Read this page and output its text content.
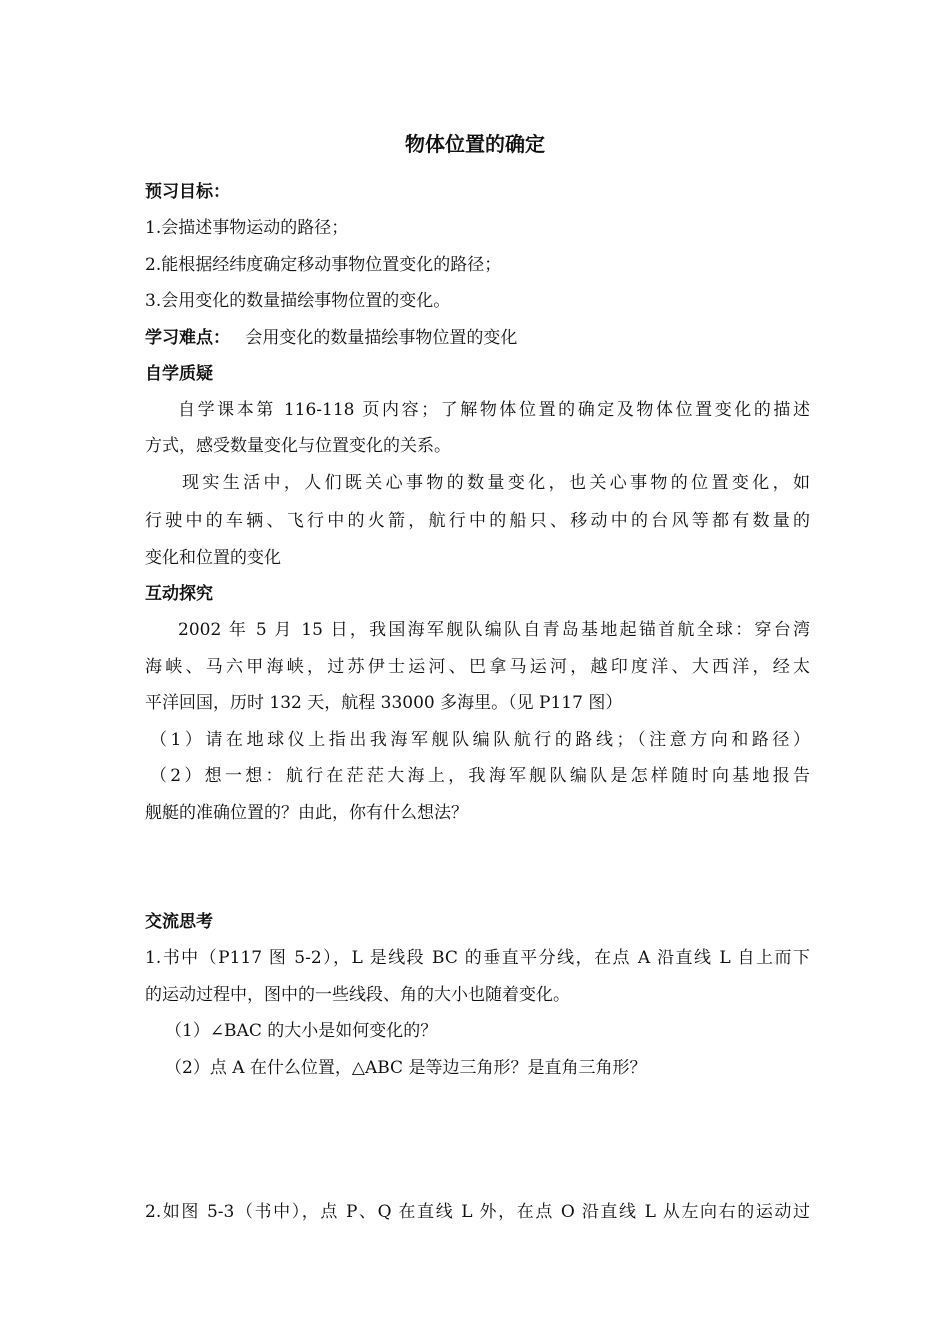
物体位置的确定
预习目标：
1.会描述事物运动的路径；
2.能根据经纬度确定移动事物位置变化的路径；
3.会用变化的数量描绘事物位置的变化。
学习难点： 会用变化的数量描绘事物位置的变化
自学质疑
自学课本第 116-118 页内容；了解物体位置的确定及物体位置变化的描述
方式，感受数量变化与位置变化的关系。
现实生活中，人们既关心事物的数量变化，也关心事物的位置变化，如
行驶中的车辆、飞行中的火箭，航行中的船只、移动中的台风等都有数量的
变化和位置的变化
互动探究
2002 年 5 月 15 日，我国海军舰队编队自青岛基地起锚首航全球：穿台湾
海峡、马六甲海峡，过苏伊士运河、巴拿马运河，越印度洋、大西洋，经太
平洋回国，历时 132 天，航程 33000 多海里。（见 P117 图）
（1）请在地球仪上指出我海军舰队编队航行的路线；（注意方向和路径）
（2）想一想：航行在茫茫大海上，我海军舰队编队是怎样随时向基地报告
舰艇的准确位置的？由此，你有什么想法？
交流思考
1.书中（P117 图 5-2），L 是线段 BC 的垂直平分线，在点 A 沿直线 L 自上而下
的运动过程中，图中的一些线段、角的大小也随着变化。
（1）∠BAC 的大小是如何变化的？
（2）点 A 在什么位置，△ABC 是等边三角形？是直角三角形？
2.如图 5-3（书中），点 P、Q 在直线 L 外，在点 O 沿直线 L 从左向右的运动过
